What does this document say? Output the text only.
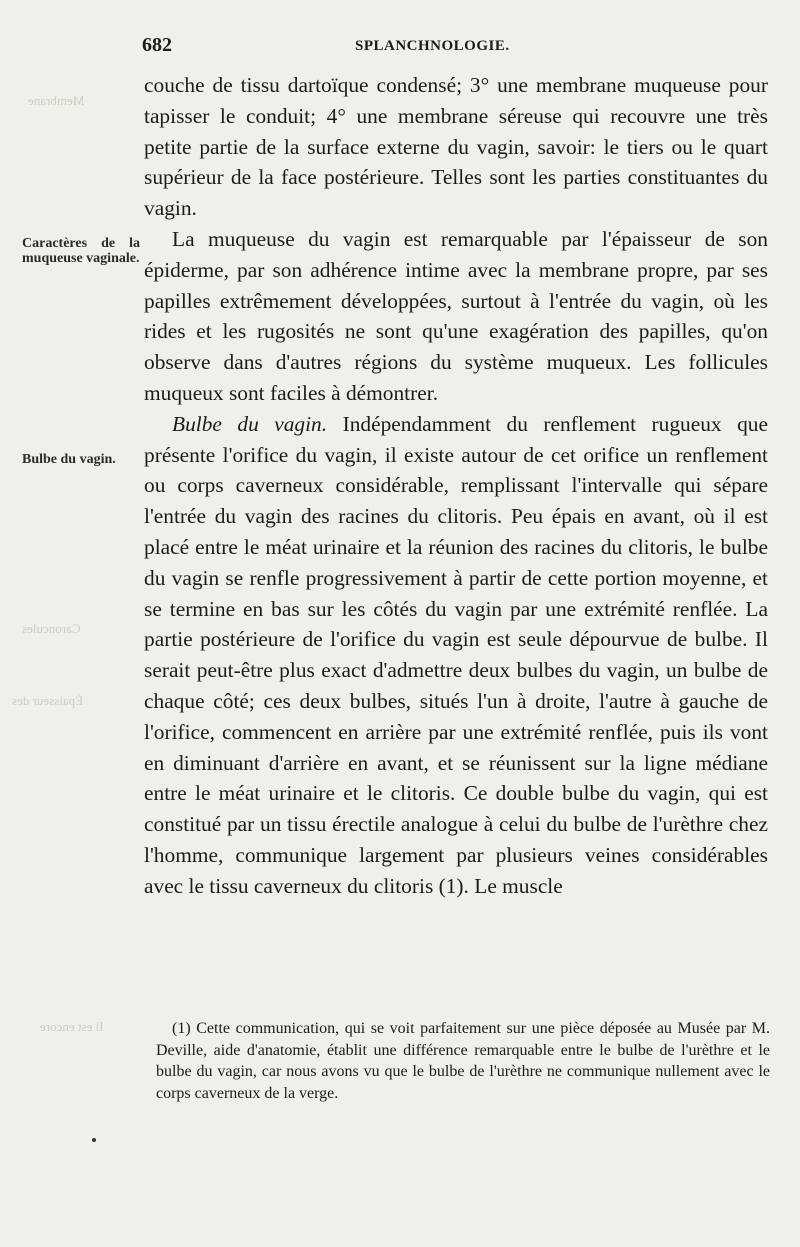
Membrane
Caroncules
Épaisseur des
Il est encore
682	SPLANCHNOLOGIE.
Caractères de la muqueuse vaginale.
Bulbe du vagin.

couche de tissu dartoïque condensé; 3° une membrane muqueuse pour tapisser le conduit; 4° une membrane séreuse qui recouvre une très petite partie de la surface externe du vagin, savoir: le tiers ou le quart supérieur de la face postérieure. Telles sont les parties constituantes du vagin.

La muqueuse du vagin est remarquable par l'épaisseur de son épiderme, par son adhérence intime avec la membrane propre, par ses papilles extrêmement développées, surtout à l'entrée du vagin, où les rides et les rugosités ne sont qu'une exagération des papilles, qu'on observe dans d'autres régions du système muqueux. Les follicules muqueux sont faciles à démontrer.

Bulbe du vagin. Indépendamment du renflement rugueux que présente l'orifice du vagin, il existe autour de cet orifice un renflement ou corps caverneux considérable, remplissant l'intervalle qui sépare l'entrée du vagin des racines du clitoris. Peu épais en avant, où il est placé entre le méat urinaire et la réunion des racines du clitoris, le bulbe du vagin se renfle progressivement à partir de cette portion moyenne, et se termine en bas sur les côtés du vagin par une extrémité renflée. La partie postérieure de l'orifice du vagin est seule dépourvue de bulbe. Il serait peut-être plus exact d'admettre deux bulbes du vagin, un bulbe de chaque côté; ces deux bulbes, situés l'un à droite, l'autre à gauche de l'orifice, commencent en arrière par une extrémité renflée, puis ils vont en diminuant d'arrière en avant, et se réunissent sur la ligne médiane entre le méat urinaire et le clitoris. Ce double bulbe du vagin, qui est constitué par un tissu érectile analogue à celui du bulbe de l'urèthre chez l'homme, communique largement par plusieurs veines considérables avec le tissu caverneux du clitoris (1). Le muscle

(1) Cette communication, qui se voit parfaitement sur une pièce déposée au Musée par M. Deville, aide d'anatomie, établit une différence remarquable entre le bulbe de l'urèthre et le bulbe du vagin, car nous avons vu que le bulbe de l'urèthre ne communique nullement avec le corps caverneux de la verge.
